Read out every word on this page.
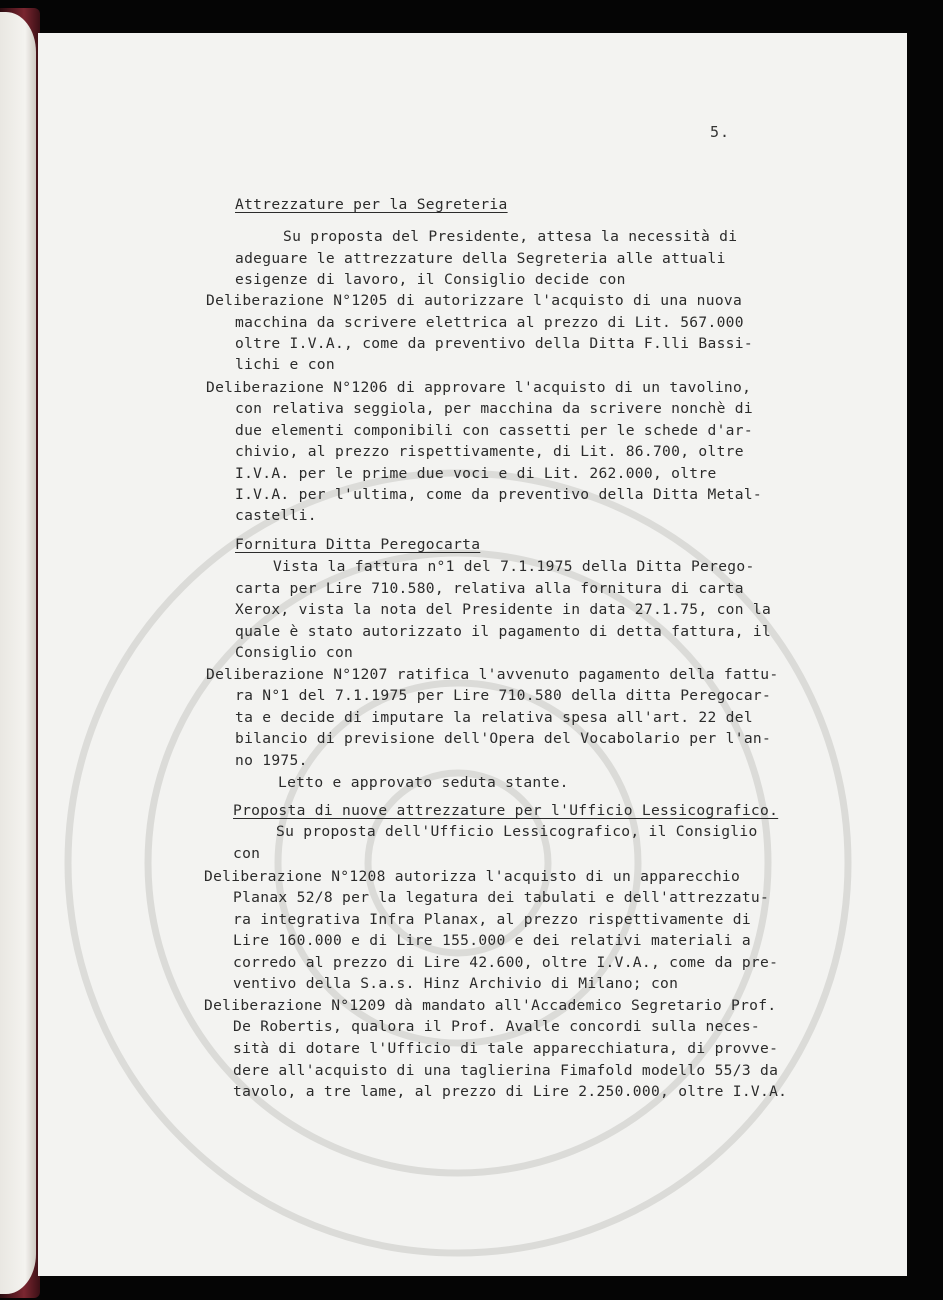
5.
Attrezzature per la Segreteria
Su proposta del Presidente, attesa la necessità di
adeguare le attrezzature della Segreteria alle attuali
esigenze di lavoro, il Consiglio decide con
Deliberazione N°1205 di autorizzare l'acquisto di una nuova
macchina da scrivere elettrica al prezzo di Lit. 567.000
oltre I.V.A., come da preventivo della Ditta F.lli Bassi-
lichi e con
Deliberazione N°1206 di approvare l'acquisto di un tavolino,
con relativa seggiola, per macchina da scrivere nonchè di
due elementi componibili con cassetti per le schede d'ar-
chivio, al prezzo rispettivamente, di Lit. 86.700, oltre
I.V.A. per le prime due voci e di Lit. 262.000, oltre
I.V.A. per l'ultima, come da preventivo della Ditta Metal-
castelli.
Fornitura Ditta Peregocarta
Vista la fattura n°1 del 7.1.1975 della Ditta Perego-
carta per Lire 710.580, relativa alla fornitura di carta
Xerox, vista la nota del Presidente in data 27.1.75, con la
quale è stato autorizzato il pagamento di detta fattura, il
Consiglio con
Deliberazione N°1207 ratifica l'avvenuto pagamento della fattu-
ra N°1 del 7.1.1975 per Lire 710.580 della ditta Peregocar-
ta e decide di imputare la relativa spesa all'art. 22 del
bilancio di previsione dell'Opera del Vocabolario per l'an-
no 1975.
Letto e approvato seduta stante.
Proposta di nuove attrezzature per l'Ufficio Lessicografico.
Su proposta dell'Ufficio Lessicografico, il Consiglio
con
Deliberazione N°1208 autorizza l'acquisto di un apparecchio
Planax 52/8 per la legatura dei tabulati e dell'attrezzatu-
ra integrativa Infra Planax, al prezzo rispettivamente di
Lire 160.000 e di Lire 155.000 e dei relativi materiali a
corredo al prezzo di Lire 42.600, oltre I.V.A., come da pre-
ventivo della S.a.s. Hinz Archivio di Milano; con
Deliberazione N°1209 dà mandato all'Accademico Segretario Prof.
De Robertis, qualora il Prof. Avalle concordi sulla neces-
sità di dotare l'Ufficio di tale apparecchiatura, di provve-
dere all'acquisto di una taglierina Fimafold modello 55/3 da
tavolo, a tre lame, al prezzo di Lire 2.250.000, oltre I.V.A.
